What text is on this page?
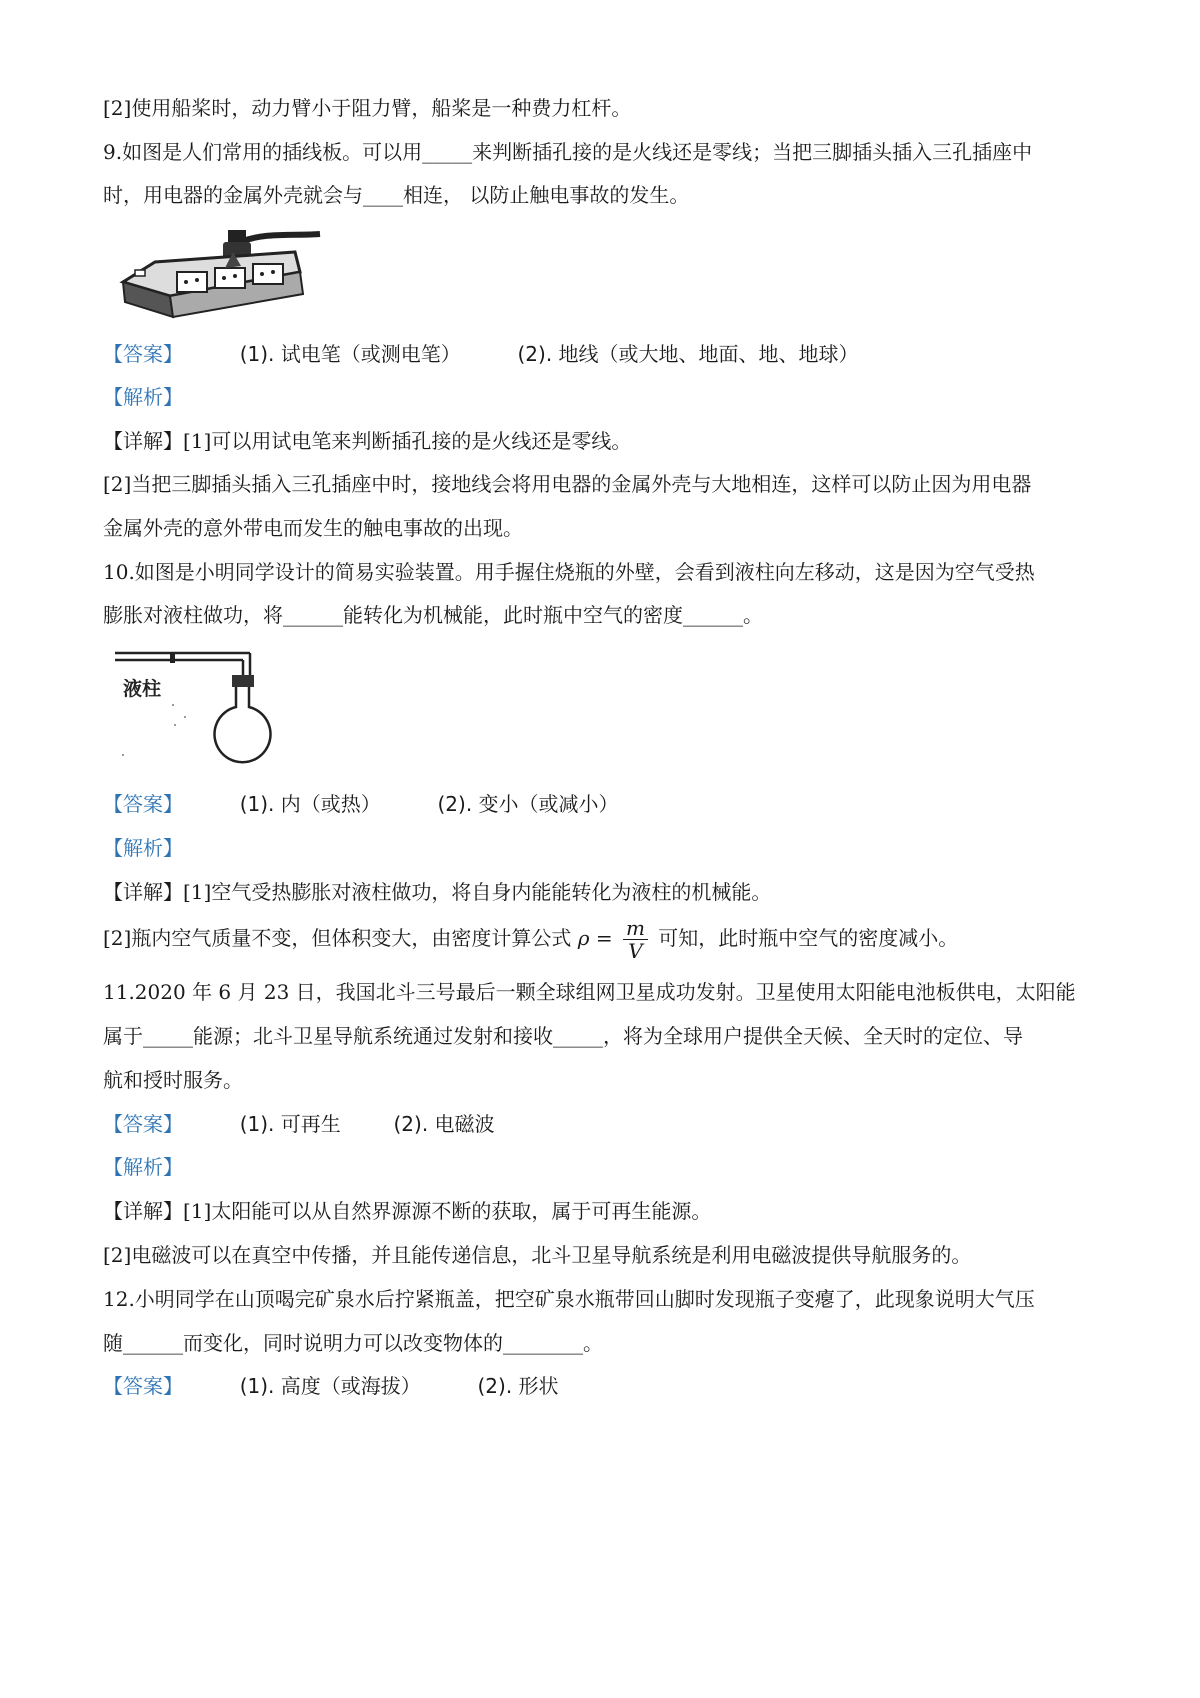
[2]使用船桨时，动力臂小于阻力臂，船桨是一种费力杠杆。
9.如图是人们常用的插线板。可以用_____来判断插孔接的是火线还是零线；当把三脚插头插入三孔插座中
时，用电器的金属外壳就会与____相连， 以防止触电事故的发生。
【答案】	(1). 试电笔（或测电笔）	(2). 地线（或大地、地面、地、地球）
【解析】
【详解】[1]可以用试电笔来判断插孔接的是火线还是零线。
[2]当把三脚插头插入三孔插座中时，接地线会将用电器的金属外壳与大地相连，这样可以防止因为用电器
金属外壳的意外带电而发生的触电事故的出现。
10.如图是小明同学设计的简易实验装置。用手握住烧瓶的外壁，会看到液柱向左移动，这是因为空气受热
膨胀对液柱做功，将______能转化为机械能，此时瓶中空气的密度______。
液柱
【答案】	(1). 内（或热）	(2). 变小（或减小）
【解析】
【详解】[1]空气受热膨胀对液柱做功，将自身内能能转化为液柱的机械能。
[2]瓶内空气质量不变，但体积变大，由密度计算公式 $\rho = \frac{m}{V}$ 可知，此时瓶中空气的密度减小。
11.2020 年 6 月 23 日，我国北斗三号最后一颗全球组网卫星成功发射。卫星使用太阳能电池板供电，太阳能
属于_____能源；北斗卫星导航系统通过发射和接收_____，将为全球用户提供全天候、全天时的定位、导
航和授时服务。
【答案】	(1). 可再生	(2). 电磁波
【解析】
【详解】[1]太阳能可以从自然界源源不断的获取，属于可再生能源。
[2]电磁波可以在真空中传播，并且能传递信息，北斗卫星导航系统是利用电磁波提供导航服务的。
12.小明同学在山顶喝完矿泉水后拧紧瓶盖，把空矿泉水瓶带回山脚时发现瓶子变瘪了，此现象说明大气压
随______而变化，同时说明力可以改变物体的________。
【答案】	(1). 高度（或海拔）	(2). 形状
